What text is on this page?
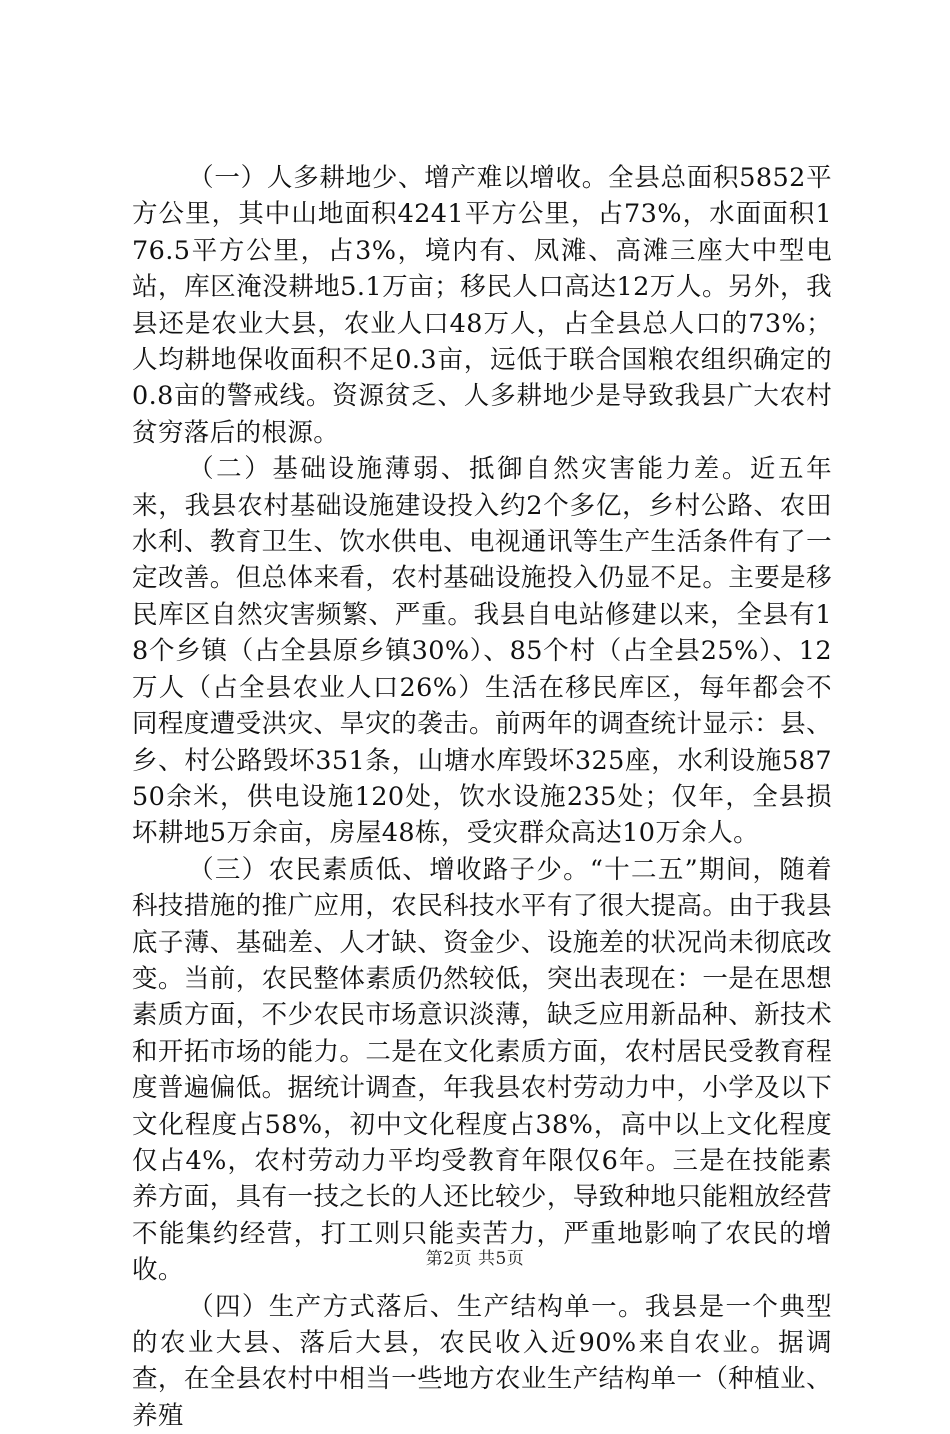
（一）人多耕地少、增产难以增收。全县总面积5852平方公里，其中山地面积4241平方公里，占73%，水面面积176.5平方公里，占3%，境内有、凤滩、高滩三座大中型电站，库区淹没耕地5.1万亩；移民人口高达12万人。另外，我县还是农业大县，农业人口48万人，占全县总人口的73%；人均耕地保收面积不足0.3亩，远低于联合国粮农组织确定的0.8亩的警戒线。资源贫乏、人多耕地少是导致我县广大农村贫穷落后的根源。

（二）基础设施薄弱、抵御自然灾害能力差。近五年来，我县农村基础设施建设投入约2个多亿，乡村公路、农田水利、教育卫生、饮水供电、电视通讯等生产生活条件有了一定改善。但总体来看，农村基础设施投入仍显不足。主要是移民库区自然灾害频繁、严重。我县自电站修建以来，全县有18个乡镇（占全县原乡镇30%）、85个村（占全县25%）、12万人（占全县农业人口26%）生活在移民库区，每年都会不同程度遭受洪灾、旱灾的袭击。前两年的调查统计显示：县、乡、村公路毁坏351条，山塘水库毁坏325座，水利设施58750余米，供电设施120处，饮水设施235处；仅年，全县损坏耕地5万余亩，房屋48栋，受灾群众高达10万余人。

（三）农民素质低、增收路子少。“十二五”期间，随着科技措施的推广应用，农民科技水平有了很大提高。由于我县底子薄、基础差、人才缺、资金少、设施差的状况尚未彻底改变。当前，农民整体素质仍然较低，突出表现在：一是在思想素质方面，不少农民市场意识淡薄，缺乏应用新品种、新技术和开拓市场的能力。二是在文化素质方面，农村居民受教育程度普遍偏低。据统计调查，年我县农村劳动力中，小学及以下文化程度占58%，初中文化程度占38%，高中以上文化程度仅占4%，农村劳动力平均受教育年限仅6年。三是在技能素养方面，具有一技之长的人还比较少，导致种地只能粗放经营不能集约经营，打工则只能卖苦力，严重地影响了农民的增收。

（四）生产方式落后、生产结构单一。我县是一个典型的农业大县、落后大县，农民收入近90%来自农业。据调查，在全县农村中相当一些地方农业生产结构单一（种植业、养殖

第2页 共5页
